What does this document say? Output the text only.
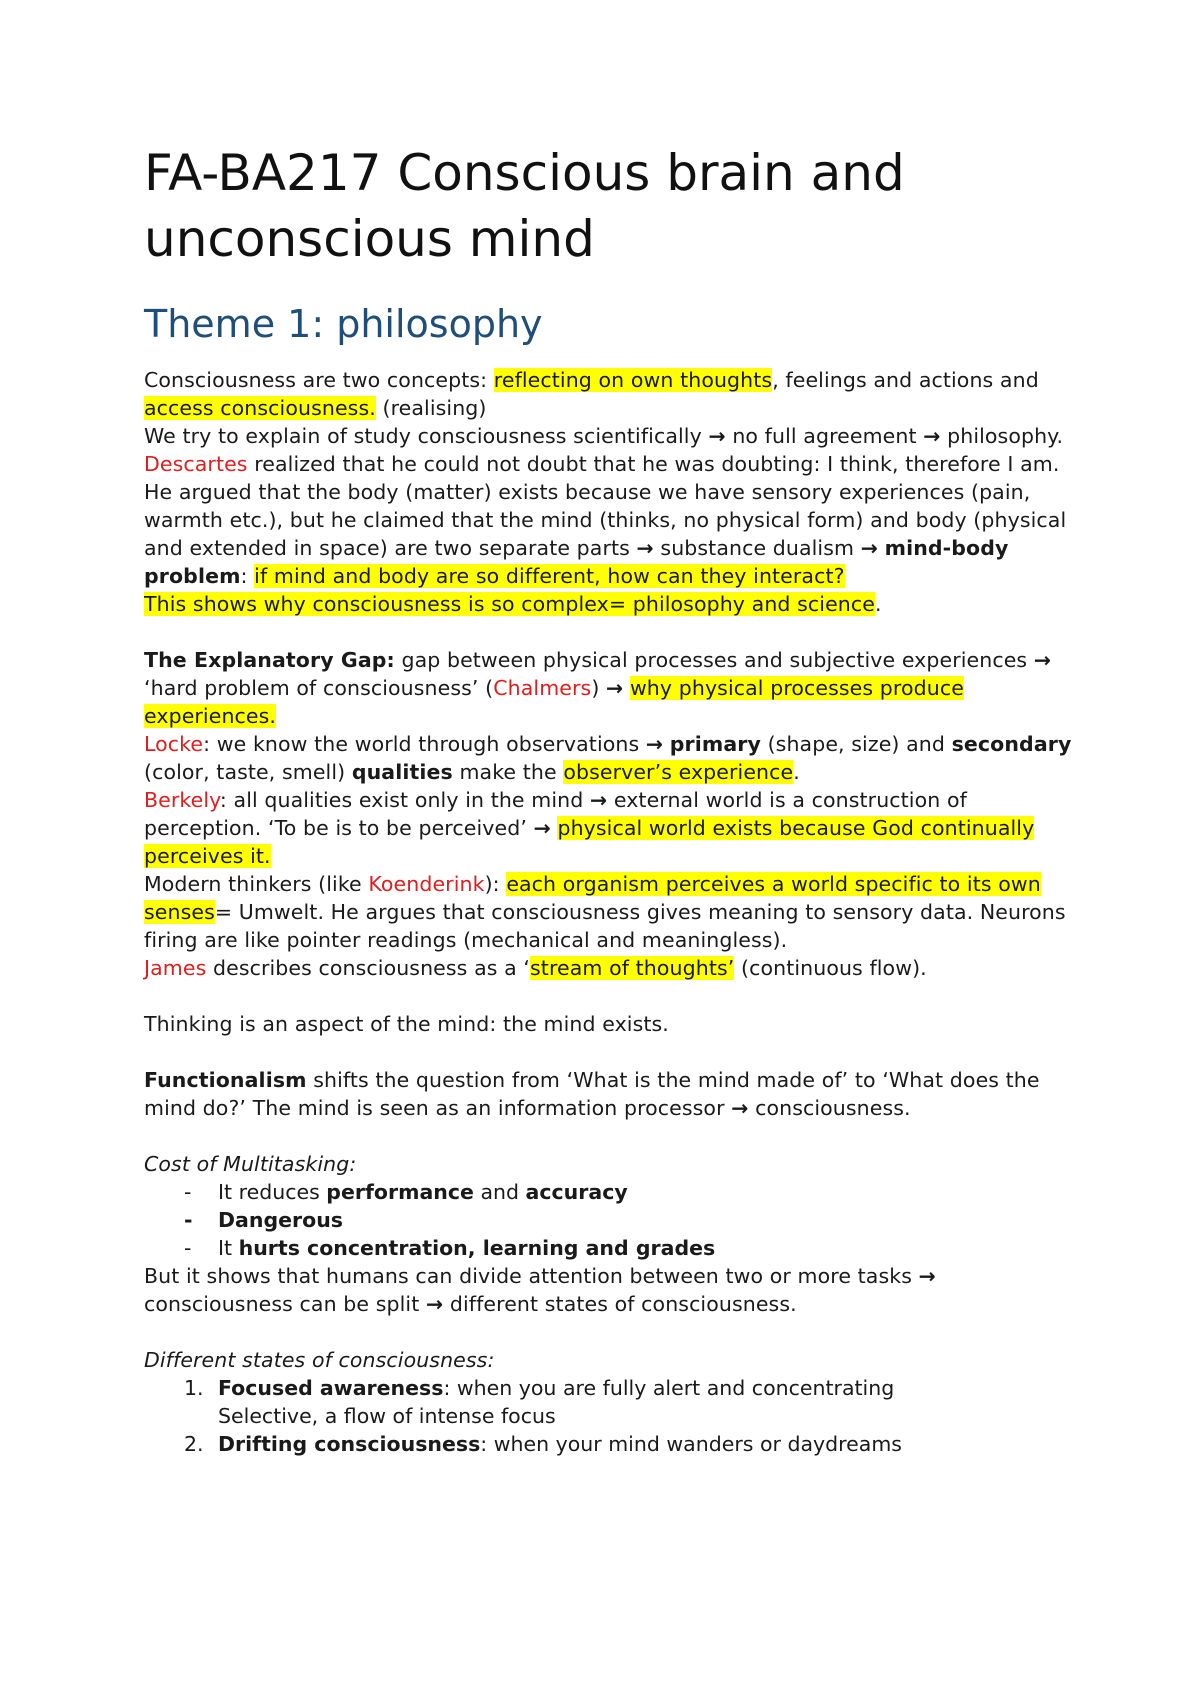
FA-BA217 Conscious brain and unconscious mind
Theme 1: philosophy

Consciousness are two concepts: reflecting on own thoughts, feelings and actions and access consciousness. (realising)

We try to explain of study consciousness scientifically → no full agreement → philosophy.

Descartes realized that he could not doubt that he was doubting: I think, therefore I am. He argued that the body (matter) exists because we have sensory experiences (pain, warmth etc.), but he claimed that the mind (thinks, no physical form) and body (physical and extended in space) are two separate parts → substance dualism → mind-body problem: if mind and body are so different, how can they interact?

This shows why consciousness is so complex= philosophy and science.

The Explanatory Gap: gap between physical processes and subjective experiences → ‘hard problem of consciousness’ (Chalmers) → why physical processes produce experiences.

Locke: we know the world through observations → primary (shape, size) and secondary (color, taste, smell) qualities make the observer’s experience.

Berkely: all qualities exist only in the mind → external world is a construction of perception. ‘To be is to be perceived’ → physical world exists because God continually perceives it.

Modern thinkers (like Koenderink): each organism perceives a world specific to its own senses= Umwelt. He argues that consciousness gives meaning to sensory data. Neurons firing are like pointer readings (mechanical and meaningless).

James describes consciousness as a ‘stream of thoughts’ (continuous flow).

Thinking is an aspect of the mind: the mind exists.

Functionalism shifts the question from ‘What is the mind made of’ to ‘What does the mind do?’ The mind is seen as an information processor → consciousness.

Cost of Multitasking:

- It reduces performance and accuracy
- Dangerous
- It hurts concentration, learning and grades

But it shows that humans can divide attention between two or more tasks → consciousness can be split → different states of consciousness.

Different states of consciousness:

1. Focused awareness: when you are fully alert and concentrating
Selective, a flow of intense focus
2. Drifting consciousness: when your mind wanders or daydreams
